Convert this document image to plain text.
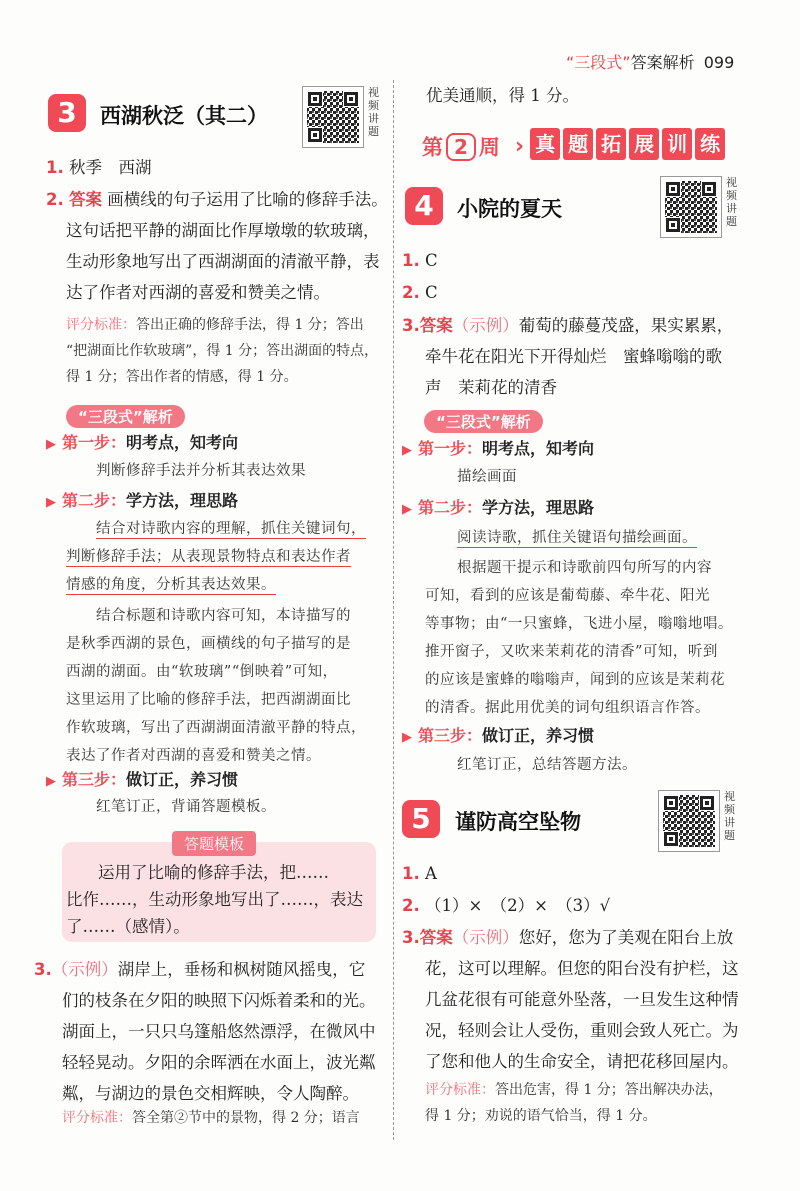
“三段式”答案解析 099
3	西湖秋泛（其二）
视频讲题
1. 秋季　西湖
2. 答案 画横线的句子运用了比喻的修辞手法。
这句话把平静的湖面比作厚墩墩的软玻璃，
生动形象地写出了西湖湖面的清澈平静，表
达了作者对西湖的喜爱和赞美之情。
评分标准：答出正确的修辞手法，得 1 分；答出
“把湖面比作软玻璃”，得 1 分；答出湖面的特点，
得 1 分；答出作者的情感，得 1 分。
“三段式”解析
▶ 第一步：明考点，知考向
判断修辞手法并分析其表达效果
▶ 第二步：学方法，理思路
结合对诗歌内容的理解，抓住关键词句，
判断修辞手法；从表现景物特点和表达作者
情感的角度，分析其表达效果。
结合标题和诗歌内容可知，本诗描写的
是秋季西湖的景色，画横线的句子描写的是
西湖的湖面。由“软玻璃”“倒映着”可知，
这里运用了比喻的修辞手法，把西湖湖面比
作软玻璃，写出了西湖湖面清澈平静的特点，
表达了作者对西湖的喜爱和赞美之情。
▶ 第三步：做订正，养习惯
红笔订正，背诵答题模板。
答题模板
运用了比喻的修辞手法，把……
比作……，生动形象地写出了……，表达
了……（感情）。
3.（示例）湖岸上，垂杨和枫树随风摇曳，它
们的枝条在夕阳的映照下闪烁着柔和的光。
湖面上，一只只乌篷船悠然漂浮，在微风中
轻轻晃动。夕阳的余晖洒在水面上，波光粼
粼，与湖边的景色交相辉映，令人陶醉。
评分标准：答全第②节中的景物，得 2 分；语言
优美通顺，得 1 分。
第 2 周 › 真 题 拓 展 训 练
4	小院的夏天
视频讲题
1. C
2. C
3.答案（示例）葡萄的藤蔓茂盛，果实累累，
牵牛花在阳光下开得灿烂　蜜蜂嗡嗡的歌
声　茉莉花的清香
“三段式”解析
▶ 第一步：明考点，知考向
描绘画面
▶ 第二步：学方法，理思路
阅读诗歌，抓住关键语句描绘画面。
根据题干提示和诗歌前四句所写的内容
可知，看到的应该是葡萄藤、牵牛花、阳光
等事物；由“一只蜜蜂，飞进小屋，嗡嗡地唱。
推开窗子，又吹来茉莉花的清香”可知，听到
的应该是蜜蜂的嗡嗡声，闻到的应该是茉莉花
的清香。据此用优美的词句组织语言作答。
▶ 第三步：做订正，养习惯
红笔订正，总结答题方法。
5	谨防高空坠物
视频讲题
1. A
2. （1）×　（2）×　（3）√
3.答案（示例）您好，您为了美观在阳台上放
花，这可以理解。但您的阳台没有护栏，这
几盆花很有可能意外坠落，一旦发生这种情
况，轻则会让人受伤，重则会致人死亡。为
了您和他人的生命安全，请把花移回屋内。
评分标准：答出危害，得 1 分；答出解决办法，
得 1 分；劝说的语气恰当，得 1 分。
